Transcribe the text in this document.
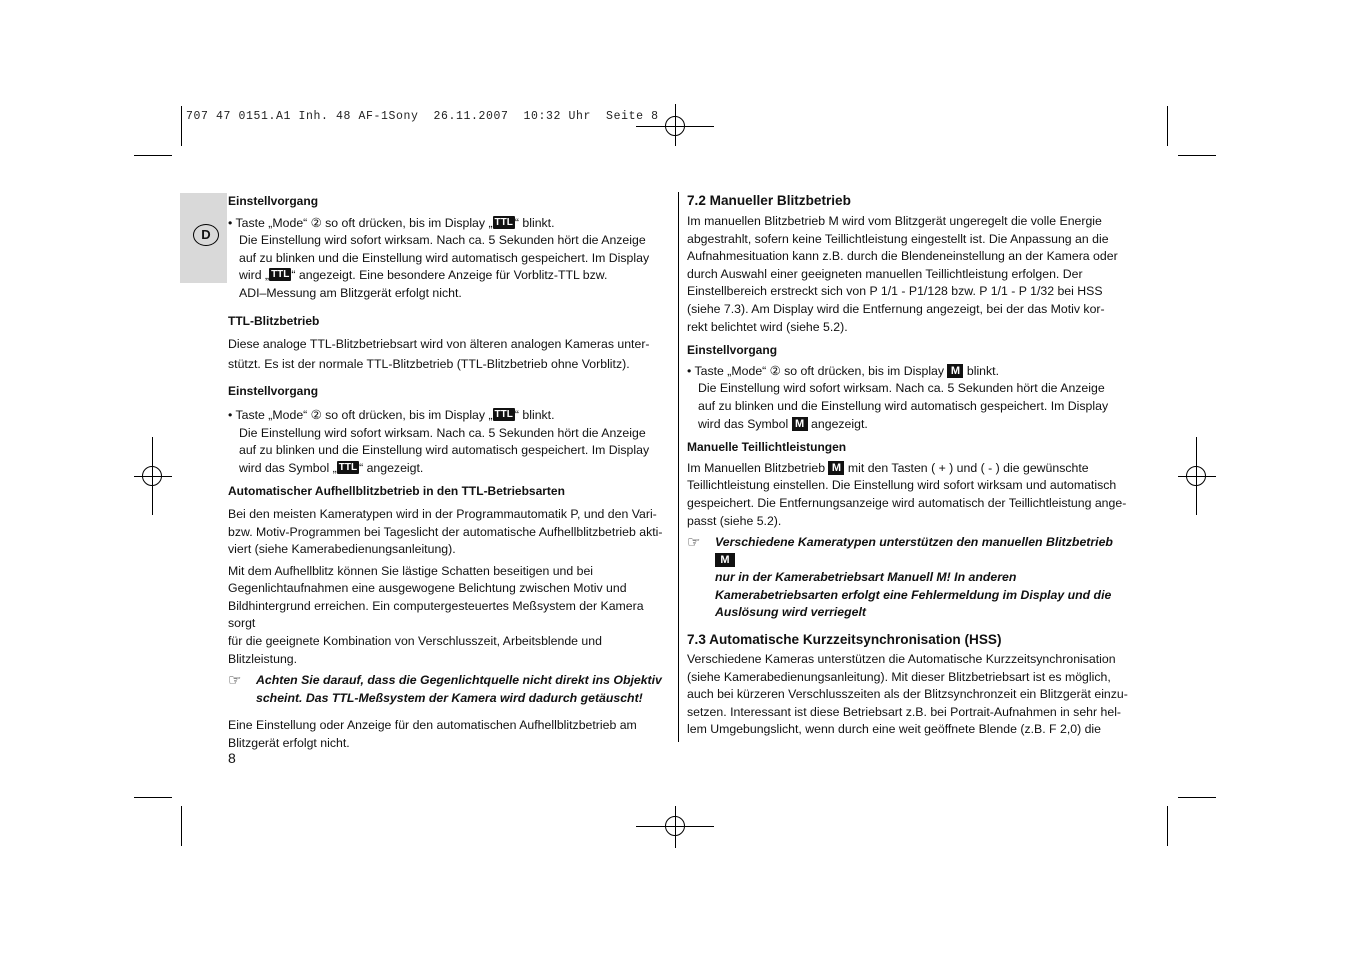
707 47 0151.A1 Inh. 48 AF-1Sony  26.11.2007  10:32 Uhr  Seite 8
D

Einstellvorgang

• Taste „Mode“ ② so oft drücken, bis im Display „ TTL “ blinkt.

Die Einstellung wird sofort wirksam. Nach ca. 5 Sekunden hört die Anzeige

auf zu blinken und die Einstellung wird automatisch gespeichert. Im Display

wird „ TTL “ angezeigt. Eine besondere Anzeige für Vorblitz-TTL bzw.

ADI–Messung am Blitzgerät erfolgt nicht.

TTL-Blitzbetrieb

Diese analoge TTL-Blitzbetriebsart wird von älteren analogen Kameras unter-

stützt. Es ist der normale TTL-Blitzbetrieb (TTL-Blitzbetrieb ohne Vorblitz).

Einstellvorgang

• Taste „Mode“ ② so oft drücken, bis im Display „ TTL “ blinkt.

Die Einstellung wird sofort wirksam. Nach ca. 5 Sekunden hört die Anzeige

auf zu blinken und die Einstellung wird automatisch gespeichert. Im Display

wird das Symbol „ TTL “ angezeigt.

Automatischer Aufhellblitzbetrieb in den TTL-Betriebsarten

Bei den meisten Kameratypen wird in der Programmautomatik P, und den Vari-

bzw. Motiv-Programmen bei Tageslicht der automatische Aufhellblitzbetrieb akti-

viert (siehe Kamerabedienungsanleitung).

Mit dem Aufhellblitz können Sie lästige Schatten beseitigen und bei

Gegenlichtaufnahmen eine ausgewogene Belichtung zwischen Motiv und

Bildhintergrund erreichen. Ein computergesteuertes Meßsystem der Kamera sorgt

für die geeignete Kombination von Verschlusszeit, Arbeitsblende und

Blitzleistung.

☞ Achten Sie darauf, dass die Gegenlichtquelle nicht direkt ins Objektiv

scheint. Das TTL-Meßsystem der Kamera wird dadurch getäuscht!

Eine Einstellung oder Anzeige für den automatischen Aufhellblitzbetrieb am

Blitzgerät erfolgt nicht.

7.2 Manueller Blitzbetrieb

Im manuellen Blitzbetrieb M wird vom Blitzgerät ungeregelt die volle Energie

abgestrahlt, sofern keine Teillichtleistung eingestellt ist. Die Anpassung an die

Aufnahmesituation kann z.B. durch die Blendeneinstellung an der Kamera oder

durch Auswahl einer geeigneten manuellen Teillichtleistung erfolgen. Der

Einstellbereich erstreckt sich von P 1/1 - P1/128 bzw. P 1/1 - P 1/32 bei HSS

(siehe 7.3). Am Display wird die Entfernung angezeigt, bei der das Motiv kor-

rekt belichtet wird (siehe 5.2).

Einstellvorgang

• Taste „Mode“ ② so oft drücken, bis im Display M blinkt.

Die Einstellung wird sofort wirksam. Nach ca. 5 Sekunden hört die Anzeige

auf zu blinken und die Einstellung wird automatisch gespeichert. Im Display

wird das Symbol M angezeigt.

Manuelle Teillichtleistungen

Im Manuellen Blitzbetrieb M mit den Tasten ( + ) und ( - ) die gewünschte

Teillichtleistung einstellen. Die Einstellung wird sofort wirksam und automatisch

gespeichert. Die Entfernungsanzeige wird automatisch der Teillichtleistung ange-

passt (siehe 5.2).

☞ Verschiedene Kameratypen unterstützen den manuellen Blitzbetrieb   M

nur in der Kamerabetriebsart Manuell M! In anderen

Kamerabetriebsarten erfolgt eine Fehlermeldung im Display und die

Auslösung wird verriegelt

7.3 Automatische Kurzzeitsynchronisation (HSS)

Verschiedene Kameras unterstützen die Automatische Kurzzeitsynchronisation

(siehe Kamerabedienungsanleitung). Mit dieser Blitzbetriebsart ist es möglich,

auch bei kürzeren Verschlusszeiten als der Blitzsynchronzeit ein Blitzgerät einzu-

setzen. Interessant ist diese Betriebsart z.B. bei Portrait-Aufnahmen in sehr hel-

lem Umgebungslicht, wenn durch eine weit geöffnete Blende (z.B. F 2,0) die

8
